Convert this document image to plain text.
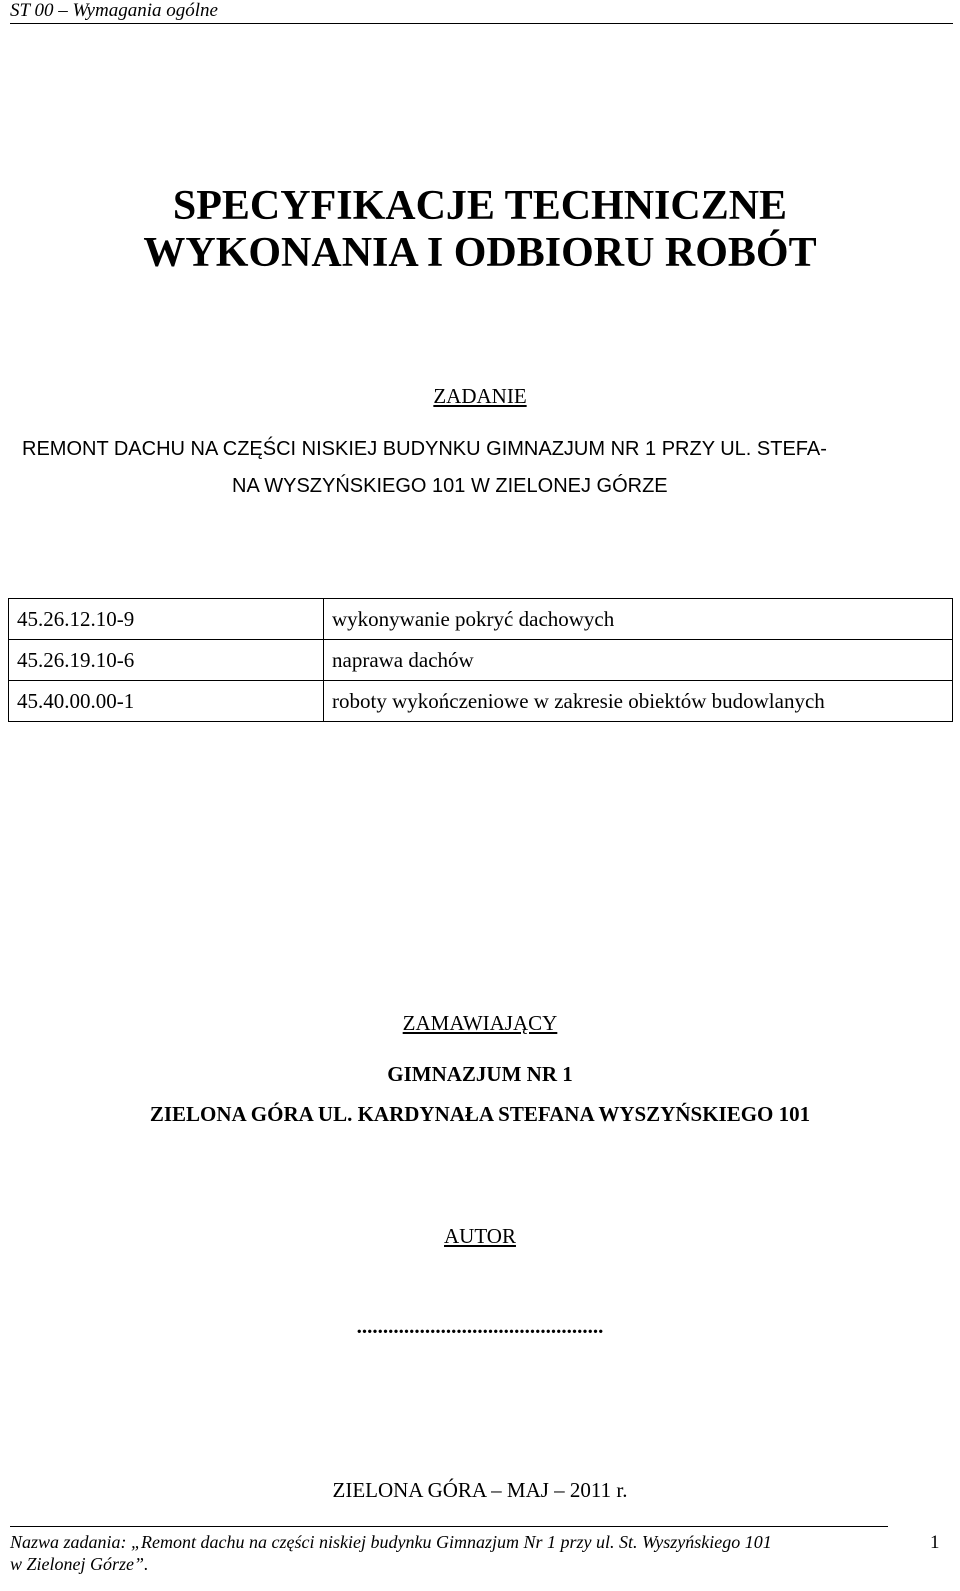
ST 00 – Wymagania ogólne
SPECYFIKACJE TECHNICZNE
WYKONANIA I ODBIORU ROBÓT
ZADANIE
REMONT DACHU NA CZĘŚCI NISKIEJ BUDYNKU GIMNAZJUM NR 1 PRZY UL. STEFA-
NA WYSZYŃSKIEGO 101 W ZIELONEJ GÓRZE
45.26.12.10-9	wykonywanie pokryć dachowych
45.26.19.10-6	naprawa dachów
45.40.00.00-1	roboty wykończeniowe w zakresie obiektów budowlanych
ZAMAWIAJĄCY
GIMNAZJUM NR 1
ZIELONA GÓRA UL. KARDYNAŁA STEFANA WYSZYŃSKIEGO 101
AUTOR
...............................................
ZIELONA GÓRA – MAJ – 2011 r.
Nazwa zadania: „Remont dachu na części niskiej budynku Gimnazjum Nr 1 przy ul. St. Wyszyńskiego 101
w Zielonej Górze”.
1
